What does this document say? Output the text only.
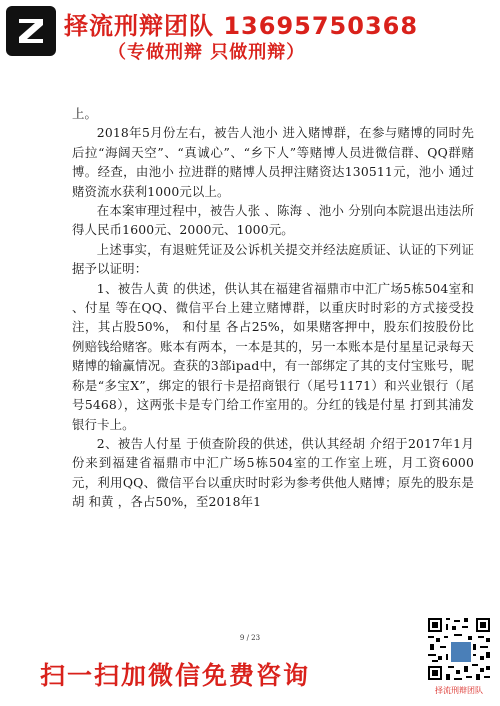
择流刑辩团队 13695750368
（专做刑辩 只做刑辩）

上。

2018年5月份左右，被告人池小 进入赌博群，在参与赌博的同时先后拉“海阔天空”、“真诚心”、“乡下人”等赌博人员进微信群、QQ群赌博。经查，由池小 拉进群的赌博人员押注赌资达130511元，池小 通过赌资流水获利1000元以上。

在本案审理过程中，被告人张 、陈海 、池小 分别向本院退出违法所得人民币1600元、2000元、1000元。

上述事实，有退赃凭证及公诉机关提交并经法庭质证、认证的下列证据予以证明：

1、被告人黄 的供述，供认其在福建省福鼎市中汇广场5栋504室和 、付星 等在QQ、微信平台上建立赌博群，以重庆时时彩的方式接受投注，其占股50%， 和付星 各占25%，如果赌客押中，股东们按股份比例赔钱给赌客。账本有两本，一本是其的，另一本账本是付星星记录每天赌博的输赢情况。查获的3部ipad中，有一部绑定了其的支付宝账号，昵称是“多宝X”，绑定的银行卡是招商银行（尾号1171）和兴业银行（尾号5468），这两张卡是专门给工作室用的。分红的钱是付星 打到其浦发银行卡上。

2、被告人付星 于侦查阶段的供述，供认其经胡 介绍于2017年1月份来到福建省福鼎市中汇广场5栋504室的工作室上班，月工资6000元，利用QQ、微信平台以重庆时时彩为参考供他人赌博；原先的股东是胡 和黄 ，各占50%，至2018年1

9 / 23
扫一扫加微信免费咨询
择流刑辩团队
